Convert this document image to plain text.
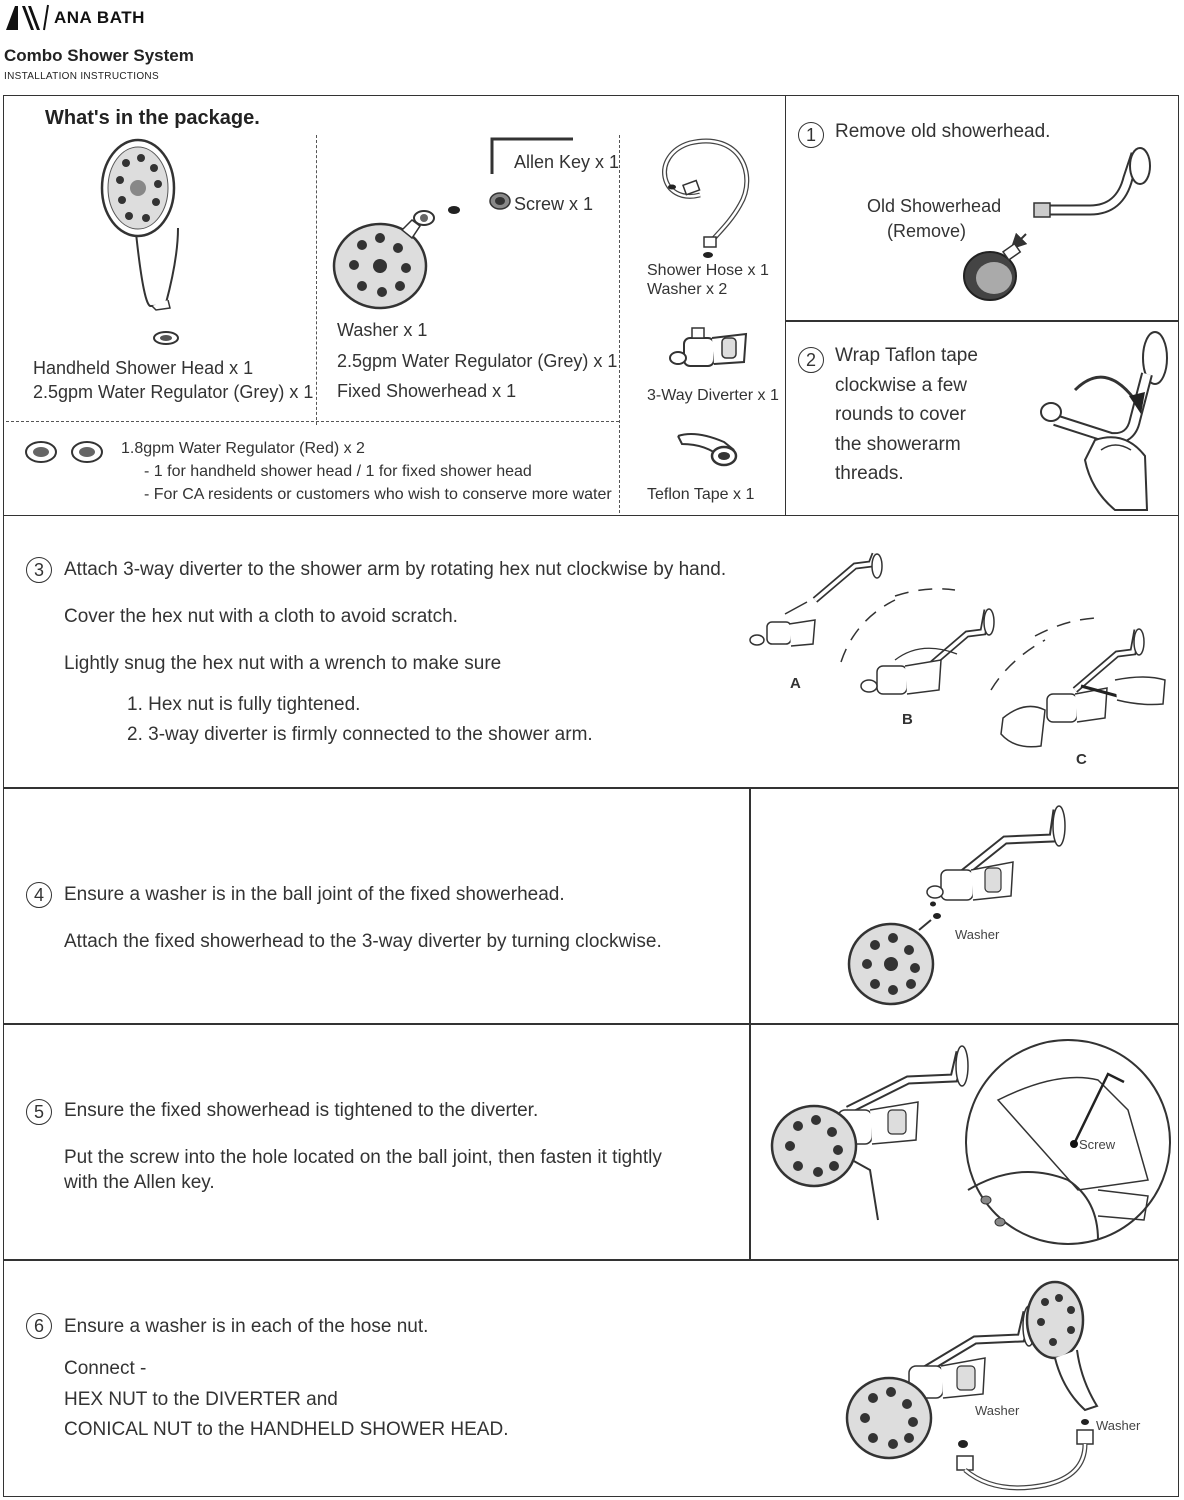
ANA BATH
Combo Shower System
INSTALLATION INSTRUCTIONS
What's in the package.
Handheld Shower Head x 1
2.5gpm Water Regulator (Grey) x 1
Washer x 1
2.5gpm Water Regulator (Grey) x 1
Fixed Showerhead x 1
Allen Key x 1
Screw x 1
Shower Hose x 1
Washer x 2
3-Way Diverter x 1
Teflon Tape x 1
1.8gpm Water Regulator (Red) x 2
- 1 for handheld shower head / 1 for fixed shower head
- For CA residents or customers who wish to conserve more water
1	Remove old showerhead.
Old Showerhead
(Remove)
2	Wrap Taflon tape
clockwise a few
rounds to cover
the showerarm
threads.
3	Attach 3-way diverter to the shower arm by rotating hex nut clockwise by hand.
Cover the hex nut with a cloth to avoid scratch.
Lightly snug the hex nut with a wrench to make sure
1. Hex nut is fully tightened.
2. 3-way diverter is firmly connected to the shower arm.
A
B
C
4	Ensure a washer is in the ball joint of the fixed showerhead.
Attach the fixed showerhead to the 3-way diverter by turning clockwise.	Washer
5	Ensure the fixed showerhead is tightened to the diverter.
Put the screw into the hole located on the ball joint, then fasten it tightly
with the Allen key.
Screw
6	Ensure a washer is in each of the hose nut.
Connect -
HEX NUT to the DIVERTER and
CONICAL NUT to the HANDHELD SHOWER HEAD.
Washer
Washer
